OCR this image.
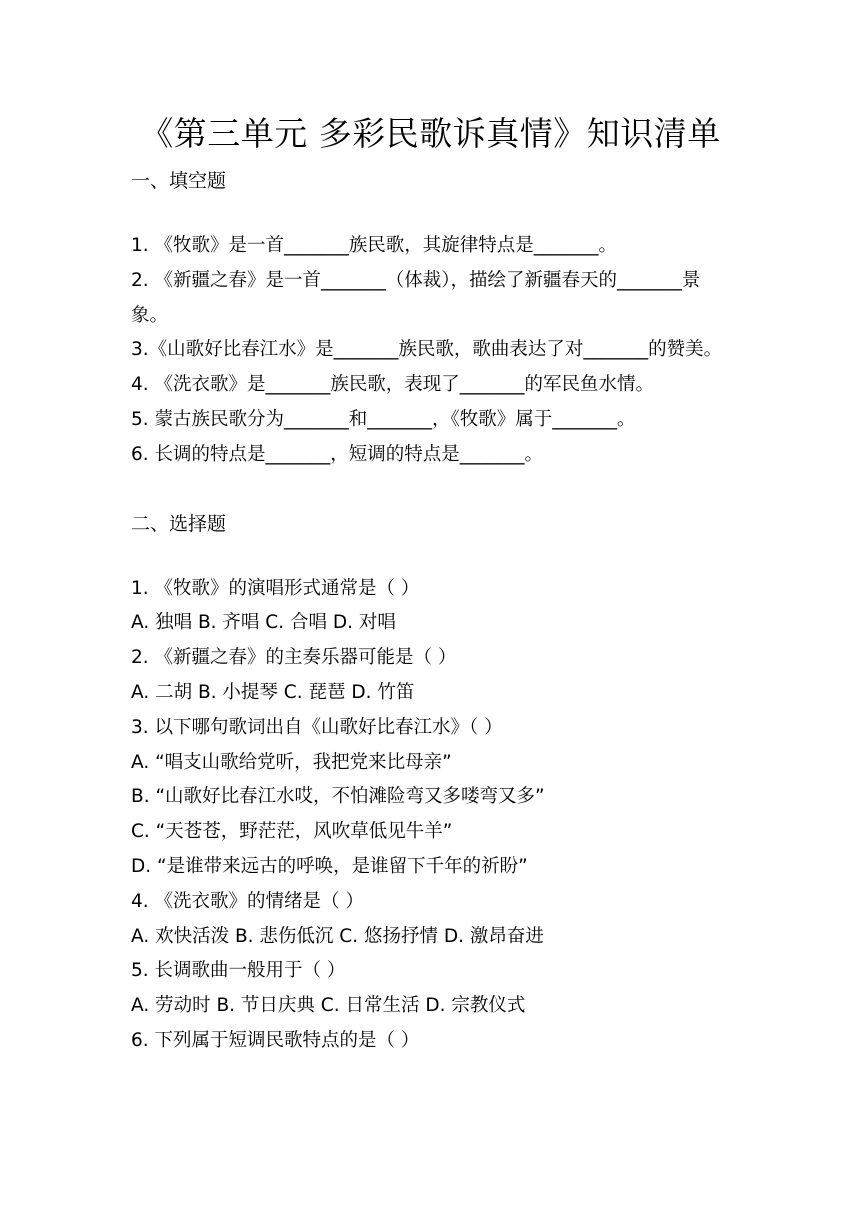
《第三单元 多彩民歌诉真情》知识清单
一、填空题
1. 《牧歌》是一首_______族民歌，其旋律特点是_______。
2. 《新疆之春》是一首_______（体裁），描绘了新疆春天的_______景象。
3.《山歌好比春江水》是_______族民歌，歌曲表达了对_______的赞美。
4. 《洗衣歌》是_______族民歌，表现了_______的军民鱼水情。
5. 蒙古族民歌分为_______和_______，《牧歌》属于_______。
6. 长调的特点是_______，短调的特点是_______。
二、选择题
1. 《牧歌》的演唱形式通常是（ ）
A. 独唱 B. 齐唱 C. 合唱 D. 对唱
2. 《新疆之春》的主奏乐器可能是（ ）
A. 二胡 B. 小提琴 C. 琵琶 D. 竹笛
3. 以下哪句歌词出自《山歌好比春江水》（ ）
A. “唱支山歌给党听，我把党来比母亲”
B. “山歌好比春江水哎，不怕滩险弯又多喽弯又多”
C. “天苍苍，野茫茫，风吹草低见牛羊”
D. “是谁带来远古的呼唤，是谁留下千年的祈盼”
4. 《洗衣歌》的情绪是（ ）
A. 欢快活泼 B. 悲伤低沉 C. 悠扬抒情 D. 激昂奋进
5. 长调歌曲一般用于（ ）
A. 劳动时 B. 节日庆典 C. 日常生活 D. 宗教仪式
6. 下列属于短调民歌特点的是（ ）
